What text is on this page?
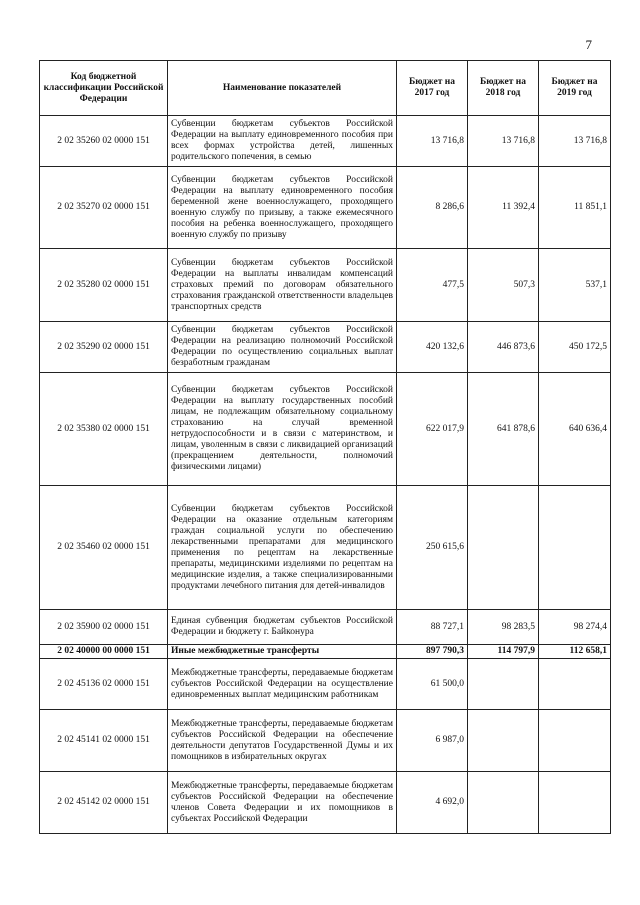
7
Код бюджетной классификации Российской Федерации	Наименование показателей	Бюджет на 2017 год	Бюджет на 2018 год	Бюджет на 2019 год
2 02 35260 02 0000 151	Субвенции бюджетам субъектов Российской Федерации на выплату единовременного пособия при всех формах устройства детей, лишенных родительского попечения, в семью	13 716,8	13 716,8	13 716,8
2 02 35270 02 0000 151	Субвенции бюджетам субъектов Российской Федерации на выплату единовременного пособия беременной жене военнослужащего, проходящего военную службу по призыву, а также ежемесячного пособия на ребенка военнослужащего, проходящего военную службу по призыву	8 286,6	11 392,4	11 851,1
2 02 35280 02 0000 151	Субвенции бюджетам субъектов Российской Федерации на выплаты инвалидам компенсаций страховых премий по договорам обязательного страхования гражданской ответственности владельцев транспортных средств	477,5	507,3	537,1
2 02 35290 02 0000 151	Субвенции бюджетам субъектов Российской Федерации на реализацию полномочий Российской Федерации по осуществлению социальных выплат безработным гражданам	420 132,6	446 873,6	450 172,5
2 02 35380 02 0000 151	Субвенции бюджетам субъектов Российской Федерации на выплату государственных пособий лицам, не подлежащим обязательному социальному страхованию на случай временной нетрудоспособности и в связи с материнством, и лицам, уволенным в связи с ликвидацией организаций (прекращением деятельности, полномочий физическими лицами)	622 017,9	641 878,6	640 636,4
2 02 35460 02 0000 151	Субвенции бюджетам субъектов Российской Федерации на оказание отдельным категориям граждан социальной услуги по обеспечению лекарственными препаратами для медицинского применения по рецептам на лекарственные препараты, медицинскими изделиями по рецептам на медицинские изделия, а также специализированными продуктами лечебного питания для детей-инвалидов	250 615,6		
2 02 35900 02 0000 151	Единая субвенция бюджетам субъектов Российской Федерации и бюджету г. Байконура	88 727,1	98 283,5	98 274,4
2 02 40000 00 0000 151	Иные межбюджетные трансферты	897 790,3	114 797,9	112 658,1
2 02 45136 02 0000 151	Межбюджетные трансферты, передаваемые бюджетам субъектов Российской Федерации на осуществление единовременных выплат медицинским работникам	61 500,0		
2 02 45141 02 0000 151	Межбюджетные трансферты, передаваемые бюджетам субъектов Российской Федерации на обеспечение деятельности депутатов Государственной Думы и их помощников в избирательных округах	6 987,0		
2 02 45142 02 0000 151	Межбюджетные трансферты, передаваемые бюджетам субъектов Российской Федерации на обеспечение членов Совета Федерации и их помощников в субъектах Российской Федерации	4 692,0		
